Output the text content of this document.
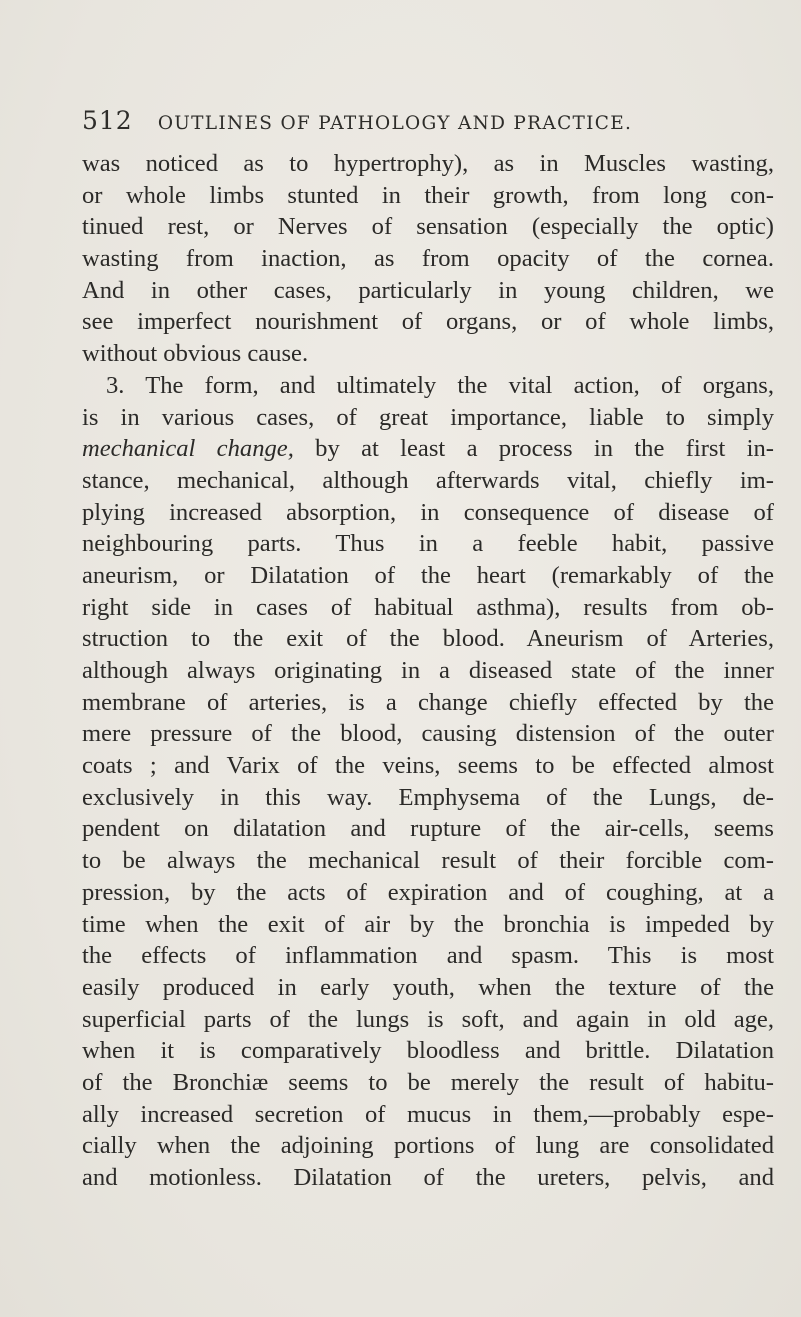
512 OUTLINES OF PATHOLOGY AND PRACTICE.
was noticed as to hypertrophy), as in Muscles wasting,
or whole limbs stunted in their growth, from long con-
tinued rest, or Nerves of sensation (especially the optic)
wasting from inaction, as from opacity of the cornea.
And in other cases, particularly in young children, we
see imperfect nourishment of organs, or of whole limbs,
without obvious cause.
3. The form, and ultimately the vital action, of organs,
is in various cases, of great importance, liable to simply
mechanical change, by at least a process in the first in-
stance, mechanical, although afterwards vital, chiefly im-
plying increased absorption, in consequence of disease of
neighbouring parts. Thus in a feeble habit, passive
aneurism, or Dilatation of the heart (remarkably of the
right side in cases of habitual asthma), results from ob-
struction to the exit of the blood. Aneurism of Arteries,
although always originating in a diseased state of the inner
membrane of arteries, is a change chiefly effected by the
mere pressure of the blood, causing distension of the outer
coats ; and Varix of the veins, seems to be effected almost
exclusively in this way. Emphysema of the Lungs, de-
pendent on dilatation and rupture of the air-cells, seems
to be always the mechanical result of their forcible com-
pression, by the acts of expiration and of coughing, at a
time when the exit of air by the bronchia is impeded by
the effects of inflammation and spasm. This is most
easily produced in early youth, when the texture of the
superficial parts of the lungs is soft, and again in old age,
when it is comparatively bloodless and brittle. Dilatation
of the Bronchiæ seems to be merely the result of habitu-
ally increased secretion of mucus in them,—probably espe-
cially when the adjoining portions of lung are consolidated
and motionless. Dilatation of the ureters, pelvis, and
